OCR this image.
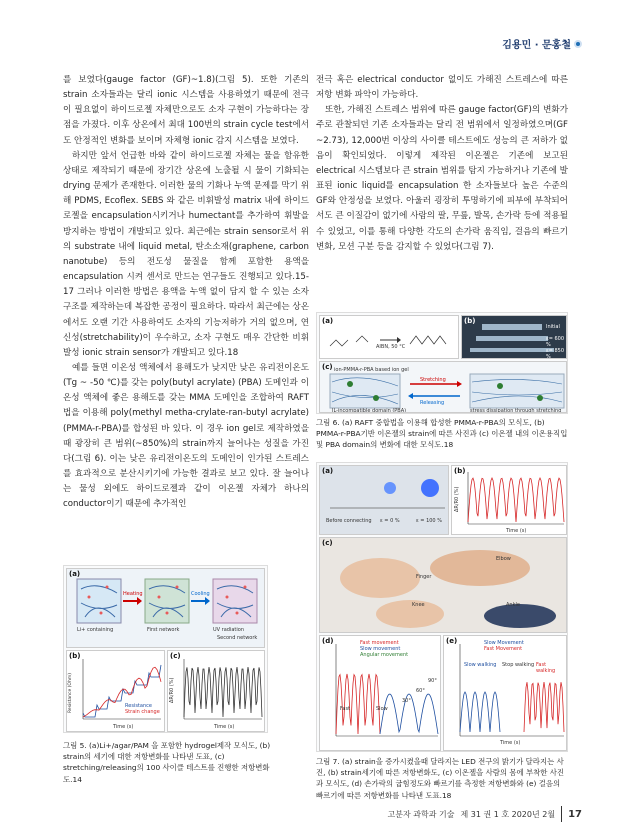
김용민 · 문홍철

를 보였다(gauge factor (GF)~1.8)(그림 5). 또한 기존의 strain 소자들과는 달리 ionic 시스템을 사용하였기 때문에 전극이 필요없이 하이드로젤 자체만으로도 소자 구현이 가능하다는 장점을 가졌다. 이후 상온에서 최대 100번의 strain cycle test에서도 안정적인 변화를 보이며 자체형 ionic 감지 시스템을 보였다.

하지만 앞서 언급한 바와 같이 하이드로젤 자체는 물을 함유한 상태로 제작되기 때문에 장기간 상온에 노출될 시 물이 기화되는 drying 문제가 존재한다. 이러한 물의 기화나 누액 문제를 막기 위해 PDMS, Ecoflex. SEBS 와 같은 비휘발성 matrix 내에 하이드로젤을 encapsulation시키거나 humectant를 추가하여 휘발을 방지하는 방법이 개발되고 있다. 최근에는 strain sensor로서 위의 substrate 내에 liquid metal, 탄소소재(graphene, carbon nanotube) 등의 전도성 물질을 함께 포함한 용액을 encapsulation 시켜 센서로 만드는 연구들도 진행되고 있다.15-17 그러나 이러한 방법은 용액을 누액 없이 담지 할 수 있는 소자 구조를 제작하는데 복잡한 공정이 필요하다. 따라서 최근에는 상온에서도 오랜 기간 사용하여도 소자의 기능저하가 거의 없으며, 연신성(stretchability)이 우수하고, 소자 구현도 매우 간단한 비휘발성 ionic strain sensor가 개발되고 있다.18

예를 들면 이온성 액체에서 용해도가 낮지만 낮은 유리전이온도 (Tg ~ -50 ℃)를 갖는 poly(butyl acrylate) (PBA) 도메인과 이온성 액체에 좋은 용해도를 갖는 MMA 도메인을 조합하여 RAFT법을 이용해 poly(methyl metha-crylate-ran-butyl acrylate) (PMMA-r-PBA)를 합성된 바 있다. 이 경우 ion gel로 제작하였을 때 광장히 큰 범위(~850%)의 strain까지 늘어나는 성질을 가진다(그림 6). 이는 낮은 유리전이온도의 도메인이 인가된 스트레스를 효과적으로 분산시키기에 가능한 결과로 보고 있다. 잘 늘어나는 물성 외에도 하이드로젤과 같이 이온젤 자체가 하나의 conductor이기 때문에 추가적인

전극 혹은 electrical conductor 없이도 가해진 스트레스에 따른 저항 변화 파악이 가능하다.

또한, 가해진 스트레스 범위에 따른 gauge factor(GF)의 변화가 주로 관찰되던 기존 소자들과는 달리 전 범위에서 일정하였으며(GF ~2.73), 12,000번 이상의 사이클 테스트에도 성능의 큰 저하가 없음이 확인되었다. 이렇게 제작된 이온젤은 기존에 보고된 electrical 시스템보다 큰 strain 범위를 탐지 가능하거나 기존에 발표된 ionic liquid를 encapsulation 한 소자들보다 높은 수준의 GF와 안정성을 보였다. 아울러 굉장히 투명하기에 피부에 부착되어서도 큰 이질감이 없기에 사람의 팔, 무릎, 발목, 손가락 등에 적용될 수 있었고, 이를 통해 다양한 각도의 손가락 움직임, 걸음의 빠르기 변화, 모션 구분 등을 감지할 수 있었다(그림 7).

(a)
Heating	Cooling
UV radiation
First network
Second network
Li+ containing
(b)
Resistance (Ohm)
Time (s)
Resistance
Strain change
(c)
ΔR/R0 (%)
Time (s)
그림 5. (a)Li+/agar/PAM 을 포함한 hydrogel제작 모식도, (b) strain의 세기에 대한 저항변화를 나타낸 도표, (c) stretching/releasing의 100 사이클 테스트를 진행한 저항변화도.14
(a)
AIBN, 50 °C
(b)
Initial
ε= 600 %
ε= 850 %
(c) ion-PMMA-r-PBA based ion gel
Stretching
Releasing
IL-incompatible domain (PBA)	stress dissipation through stretching
그림 6. (a) RAFT 중합법을 이용해 합성한 PMMA-r-PBA의 모식도, (b) PMMA-r-PBA기반 이온젤의 strain에 따른 사진과 (c) 이온젤 내의 이온용직입 및 PBA domain의 변화에 대한 모식도.18
(a)
Before connecting ε = 0 %	ε = 100 %
(b)
ΔR/R0 (%)
Time (s)
(c)
Elbow
Finger
Knee	Ankle
(d)	Fast movement
Slow movement
Angular movement
Fast	Slow
30°
60°
90°
(e)	Slow Movement
Fast Movement
Slow walking Stop walking Fast walking
Time (s)
그림 7. (a) strain을 증가시켰을때 달라지는 LED 전구의 밝기가 달라지는 사진, (b) strain세기에 따른 저항변화도, (c) 이온젤을 사람의 몸에 부착한 사진과 모식도, (d) 손가락의 굽힘정도와 빠르기를 측정한 저항변화와 (e) 걸음의 빠르기에 따른 저항변화를 나타낸 도표.18
고분자 과학과 기술 제 31 권 1 호 2020년 2월 17
